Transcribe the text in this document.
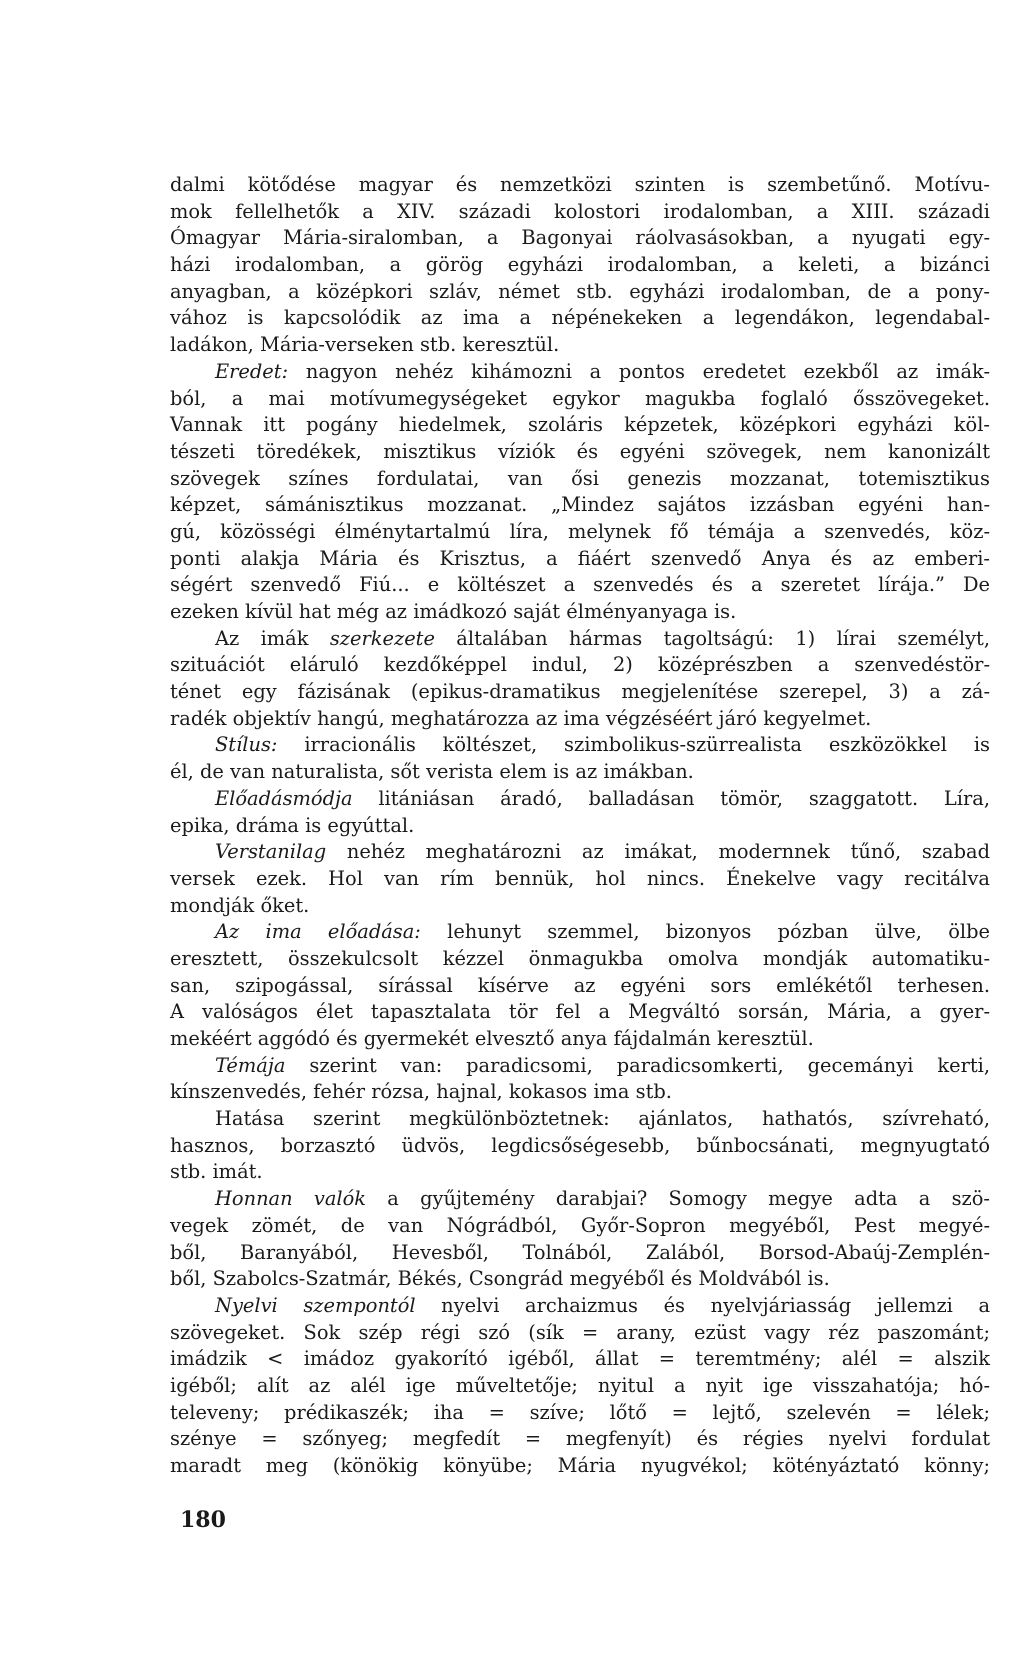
dalmi kötődése magyar és nemzetközi szinten is szembetűnő. Motívu-
mok fellelhetők a XIV. századi kolostori irodalomban, a XIII. századi
Ómagyar Mária-siralomban, a Bagonyai ráolvasásokban, a nyugati egy-
házi irodalomban, a görög egyházi irodalomban, a keleti, a bizánci
anyagban, a középkori szláv, német stb. egyházi irodalomban, de a pony-
vához is kapcsolódik az ima a népénekeken a legendákon, legendabal-
ladákon, Mária-verseken stb. keresztül.
Eredet: nagyon nehéz kihámozni a pontos eredetet ezekből az imák-
ból, a mai motívumegységeket egykor magukba foglaló ősszövegeket.
Vannak itt pogány hiedelmek, szoláris képzetek, középkori egyházi köl-
tészeti töredékek, misztikus víziók és egyéni szövegek, nem kanonizált
szövegek színes fordulatai, van ősi genezis mozzanat, totemisztikus
képzet, sámánisztikus mozzanat. „Mindez sajátos izzásban egyéni han-
gú, közösségi élménytartalmú líra, melynek fő témája a szenvedés, köz-
ponti alakja Mária és Krisztus, a fiáért szenvedő Anya és az emberi-
ségért szenvedő Fiú... e költészet a szenvedés és a szeretet lírája.” De
ezeken kívül hat még az imádkozó saját élményanyaga is.
Az imák szerkezete általában hármas tagoltságú: 1) lírai személyt,
szituációt eláruló kezdőképpel indul, 2) középrészben a szenvedéstör-
ténet egy fázisának (epikus-dramatikus megjelenítése szerepel, 3) a zá-
radék objektív hangú, meghatározza az ima végzéséért járó kegyelmet.
Stílus: irracionális költészet, szimbolikus-szürrealista eszközökkel is
él, de van naturalista, sőt verista elem is az imákban.
Előadásmódja litániásan áradó, balladásan tömör, szaggatott. Líra,
epika, dráma is egyúttal.
Verstanilag nehéz meghatározni az imákat, modernnek tűnő, szabad
versek ezek. Hol van rím bennük, hol nincs. Énekelve vagy recitálva
mondják őket.
Az ima előadása: lehunyt szemmel, bizonyos pózban ülve, ölbe
eresztett, összekulcsolt kézzel önmagukba omolva mondják automatiku-
san, szipogással, sírással kísérve az egyéni sors emlékétől terhesen.
A valóságos élet tapasztalata tör fel a Megváltó sorsán, Mária, a gyer-
mekéért aggódó és gyermekét elvesztő anya fájdalmán keresztül.
Témája szerint van: paradicsomi, paradicsomkerti, gecemányi kerti,
kínszenvedés, fehér rózsa, hajnal, kokasos ima stb.
Hatása szerint megkülönböztetnek: ajánlatos, hathatós, szívreható,
hasznos, borzasztó üdvös, legdicsőségesebb, bűnbocsánati, megnyugtató
stb. imát.
Honnan valók a gyűjtemény darabjai? Somogy megye adta a szö-
vegek zömét, de van Nógrádból, Győr-Sopron megyéből, Pest megyé-
ből, Baranyából, Hevesből, Tolnából, Zalából, Borsod-Abaúj-Zemplén-
ből, Szabolcs-Szatmár, Békés, Csongrád megyéből és Moldvából is.
Nyelvi szempontól nyelvi archaizmus és nyelvjáriasság jellemzi a
szövegeket. Sok szép régi szó (sík = arany, ezüst vagy réz paszománt;
imádzik < imádoz gyakorító igéből, állat = teremtmény; alél = alszik
igéből; alít az alél ige műveltetője; nyitul a nyit ige visszahatója; hó-
televeny; prédikaszék; iha = szíve; lőtő = lejtő, szelevén = lélek;
szénye = szőnyeg; megfedít = megfenyít) és régies nyelvi fordulat
maradt meg (könökig könyübe; Mária nyugvékol; kötényáztató könny;
180
